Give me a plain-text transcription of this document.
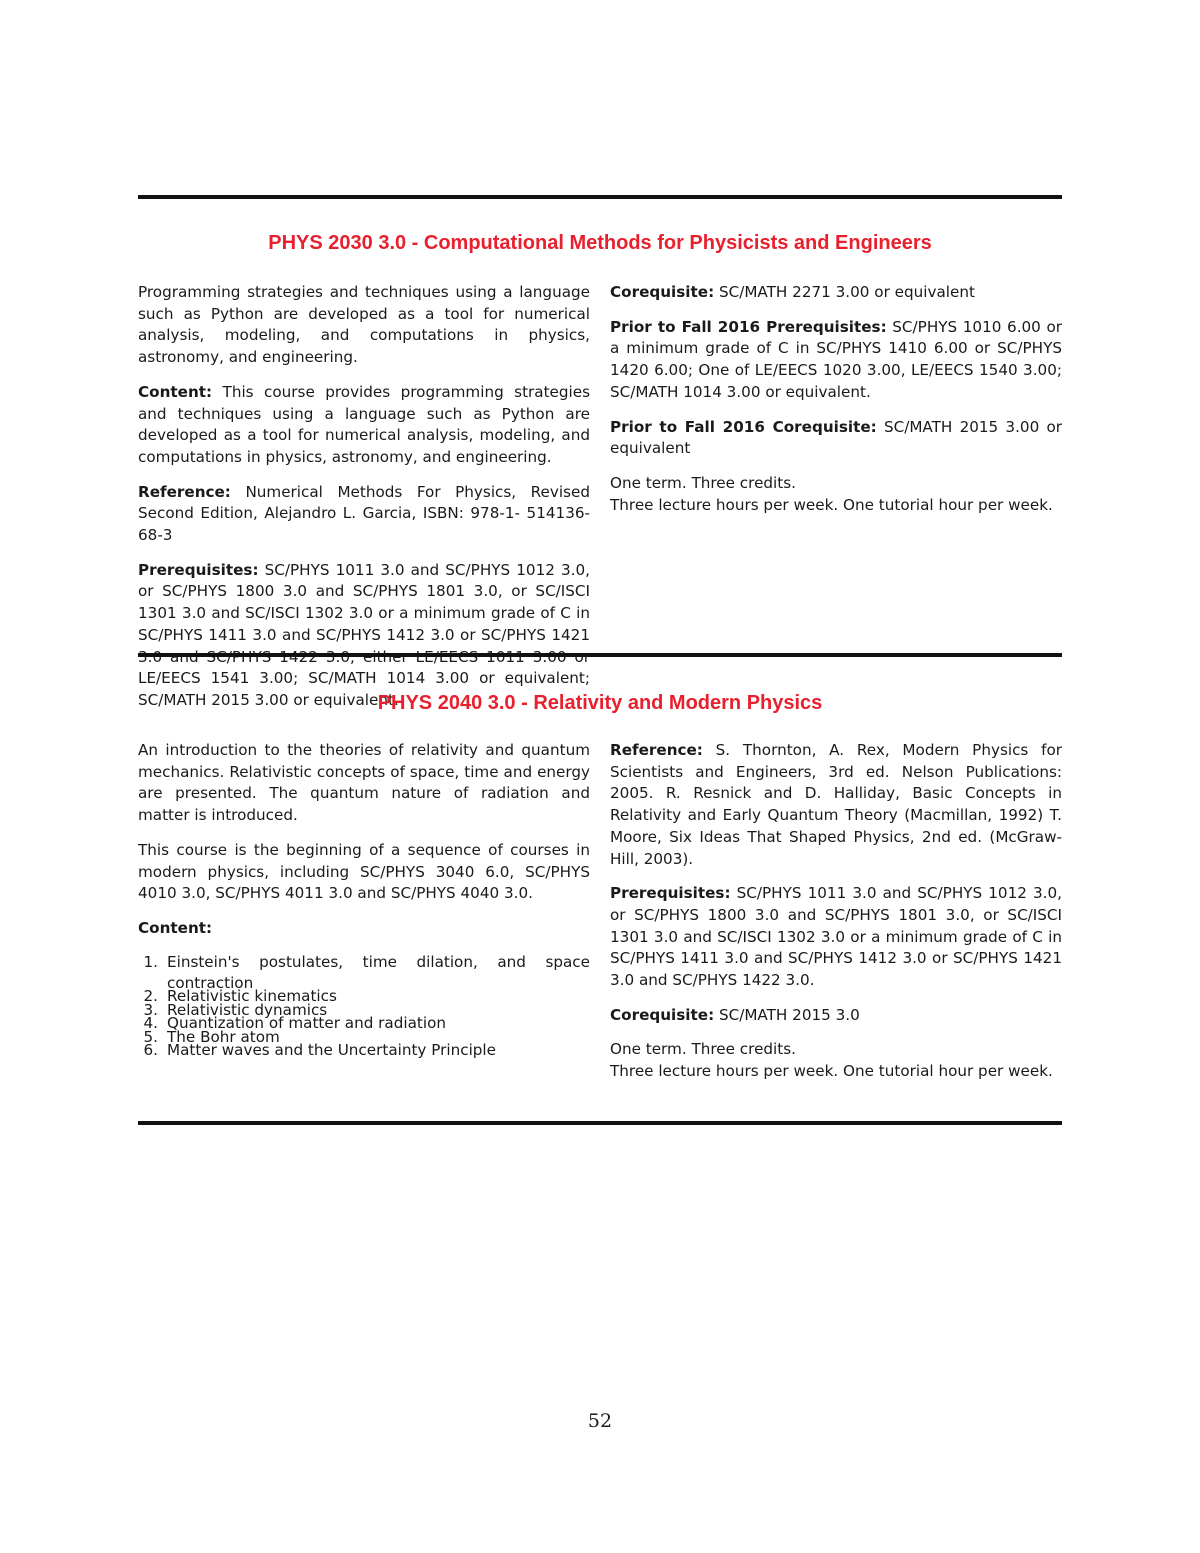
PHYS 2030 3.0 - Computational Methods for Physicists and Engineers

Programming strategies and techniques using a language such as Python are developed as a tool for numerical analysis, modeling, and computations in physics, astronomy, and engineering.

Content: This course provides programming strategies and techniques using a language such as Python are developed as a tool for numerical analysis, modeling, and computations in physics, astronomy, and engineering.

Reference: Numerical Methods For Physics, Revised Second Edition, Alejandro L. Garcia, ISBN: 978-1- 514136-68-3

Prerequisites: SC/PHYS 1011 3.0 and SC/PHYS 1012 3.0, or SC/PHYS 1800 3.0 and SC/PHYS 1801 3.0, or SC/ISCI 1301 3.0 and SC/ISCI 1302 3.0 or a minimum grade of C in SC/PHYS 1411 3.0 and SC/PHYS 1412 3.0 or SC/PHYS 1421 LE/EECS 1541 3.00; SC/MATH 1014 3.00 or equivalent; SC/MATH 2015 3.00 or equivalent.

Corequisite: SC/MATH 2271 3.00 or equivalent

Prior to Fall 2016 Prerequisites: SC/PHYS 1010 6.00 or a minimum grade of C in SC/PHYS 1410 6.00 or SC/PHYS 1420 6.00; One of LE/EECS 1020 3.00, LE/EECS 1540 3.00; SC/MATH 1014 3.00 or equivalent.

Prior to Fall 2016 Corequisite: SC/MATH 2015 3.00 or equivalent

One term. Three credits.

Three lecture hours per week. One tutorial hour per week.

PHYS 2040 3.0 - Relativity and Modern Physics

An introduction to the theories of relativity and quantum mechanics. Relativistic concepts of space, time and energy are presented. The quantum nature of radiation and matter is introduced.

This course is the beginning of a sequence of courses in modern physics, including SC/PHYS 3040 6.0, SC/PHYS 4010 3.0, SC/PHYS 4011 3.0 and SC/PHYS 4040 3.0.

Content:

1. Einstein's postulates, time dilation, and space contraction
2. Relativistic kinematics
3. Relativistic dynamics
4. Quantization of matter and radiation
5. The Bohr atom
6. Matter waves and the Uncertainty Principle

Reference: S. Thornton, A. Rex, Modern Physics for Scientists and Engineers, 3rd ed. Nelson Publications: 2005. R. Resnick and D. Halliday, Basic Concepts in Relativity and Early Quantum Theory (Macmillan, 1992) T. Moore, Six Ideas That Shaped Physics, 2nd ed. (McGraw-Hill, 2003).

Prerequisites: SC/PHYS 1011 3.0 and SC/PHYS 1012 3.0, or SC/PHYS 1800 3.0 and SC/PHYS 1801 3.0, or SC/ISCI 1301 3.0 and SC/ISCI 1302 3.0 or a minimum grade of C in SC/PHYS 1411 3.0 and SC/PHYS 1412 3.0 or SC/PHYS 1421 3.0 and SC/PHYS 1422 3.0.

Corequisite: SC/MATH 2015 3.0

One term. Three credits.

Three lecture hours per week. One tutorial hour per week.

52
